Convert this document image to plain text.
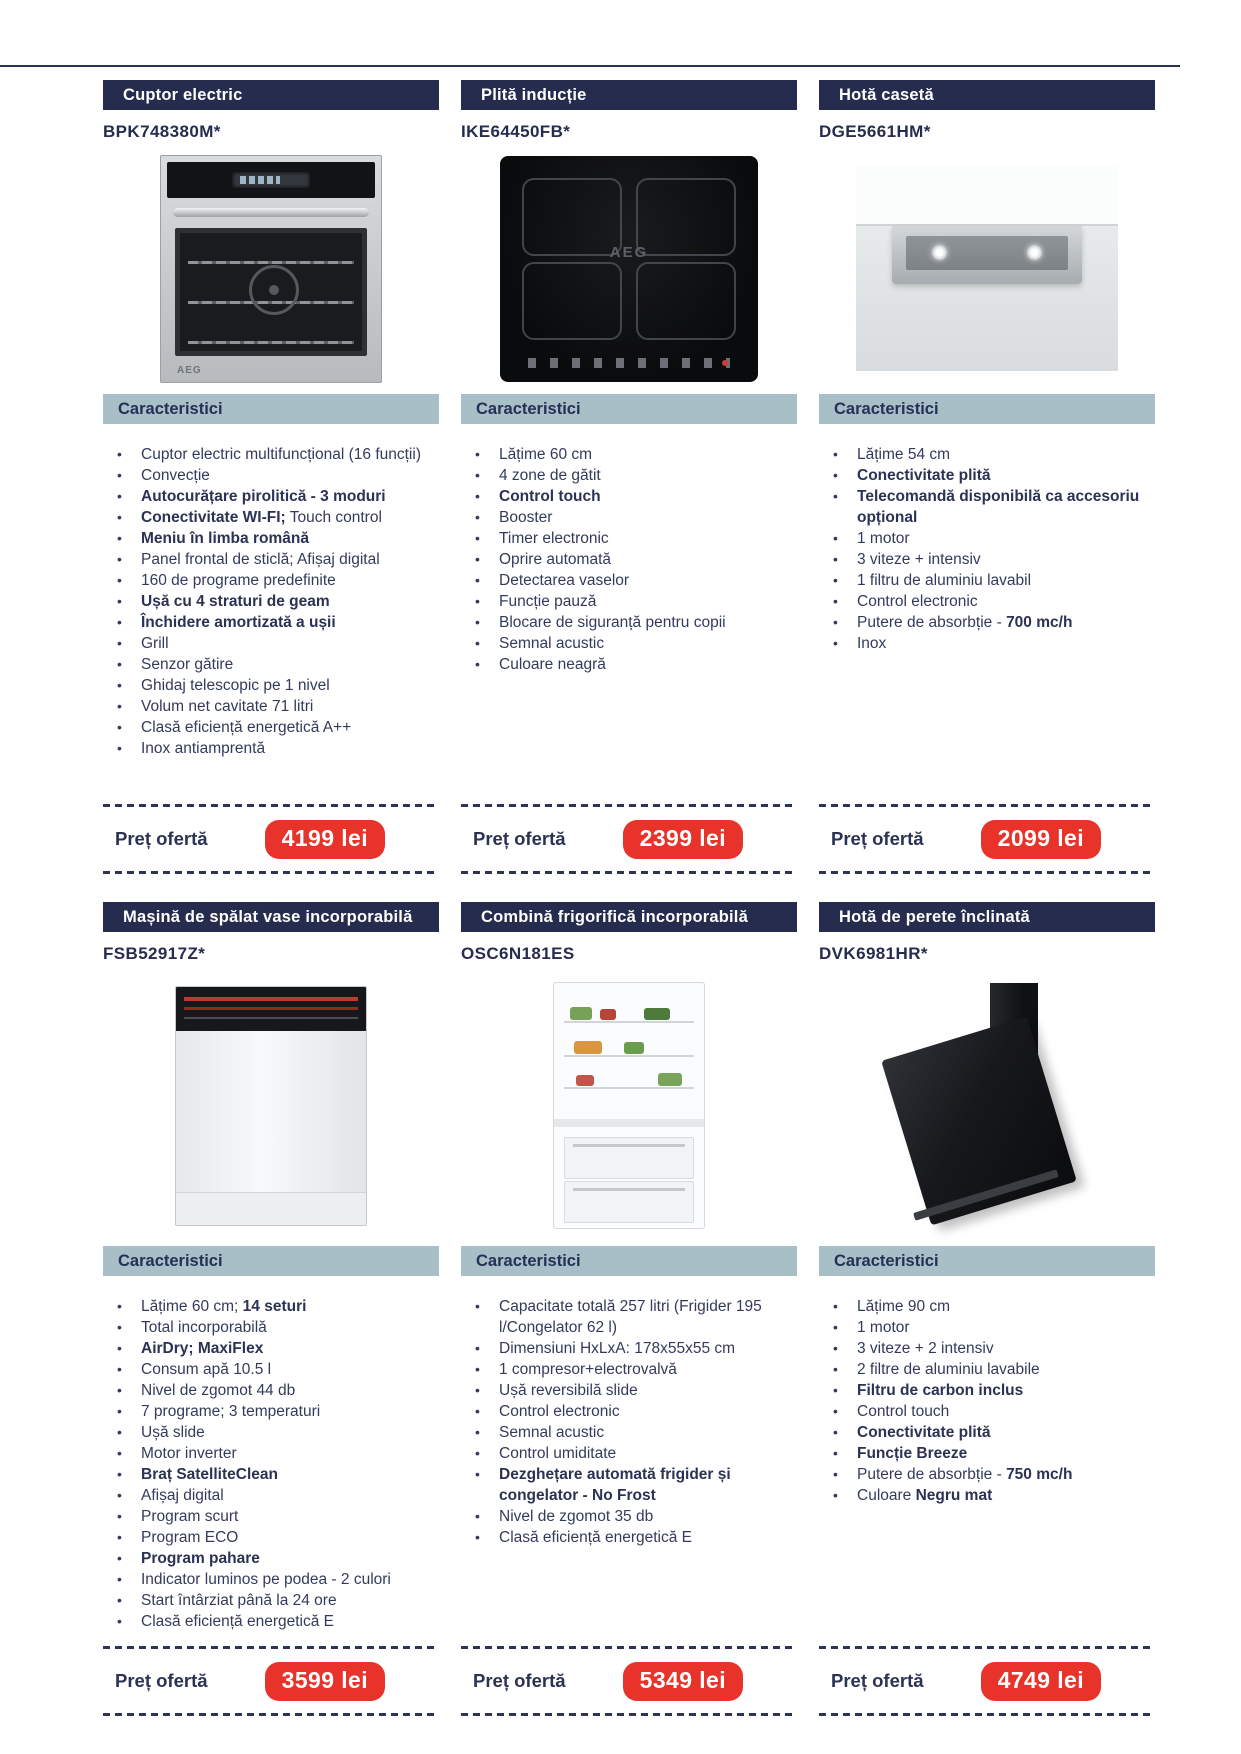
Cuptor electric
BPK748380M*
AEG
Caracteristici
• Cuptor electric multifuncțional (16 funcții)
• Convecție
• Autocurățare pirolitică - 3 moduri
• Conectivitate WI-FI; Touch control
• Meniu în limba română
• Panel frontal de sticlă; Afișaj digital
• 160 de programe predefinite
• Ușă cu 4 straturi de geam
• Închidere amortizată a ușii
• Grill
• Senzor gătire
• Ghidaj telescopic pe 1 nivel
• Volum net cavitate 71 litri
• Clasă eficiență energetică A++
• Inox antiamprentă
Preț ofertă	4199 lei
Plită inducție
IKE64450FB*
AEG
Caracteristici
• Lățime 60 cm
• 4 zone de gătit
• Control touch
• Booster
• Timer electronic
• Oprire automată
• Detectarea vaselor
• Funcție pauză
• Blocare de siguranță pentru copii
• Semnal acustic
• Culoare neagră
Preț ofertă	2399 lei
Hotă casetă
DGE5661HM*
Caracteristici
• Lățime 54 cm
• Conectivitate plită
• Telecomandă disponibilă ca accesoriu opțional
• 1 motor
• 3 viteze + intensiv
• 1 filtru de aluminiu lavabil
• Control electronic
• Putere de absorbție - 700 mc/h
• Inox
Preț ofertă	2099 lei
Mașină de spălat vase incorporabilă
FSB52917Z*
Caracteristici
• Lățime 60 cm; 14 seturi
• Total incorporabilă
• AirDry; MaxiFlex
• Consum apă 10.5 l
• Nivel de zgomot 44 db
• 7 programe; 3 temperaturi
• Ușă slide
• Motor inverter
• Braț SatelliteClean
• Afișaj digital
• Program scurt
• Program ECO
• Program pahare
• Indicator luminos pe podea - 2 culori
• Start întârziat până la 24 ore
• Clasă eficiență energetică E
Preț ofertă	3599 lei
Combină frigorifică incorporabilă
OSC6N181ES
Caracteristici
• Capacitate totală 257 litri (Frigider 195 l/Congelator 62 l)
• Dimensiuni HxLxA: 178x55x55 cm
• 1 compresor+electrovalvă
• Ușă reversibilă slide
• Control electronic
• Semnal acustic
• Control umiditate
• Dezghețare automată frigider și congelator - No Frost
• Nivel de zgomot 35 db
• Clasă eficiență energetică E
Preț ofertă	5349 lei
Hotă de perete înclinată
DVK6981HR*
Caracteristici
• Lățime 90 cm
• 1 motor
• 3 viteze + 2 intensiv
• 2 filtre de aluminiu lavabile
• Filtru de carbon inclus
• Control touch
• Conectivitate plită
• Funcție Breeze
• Putere de absorbție - 750 mc/h
• Culoare Negru mat
Preț ofertă	4749 lei
